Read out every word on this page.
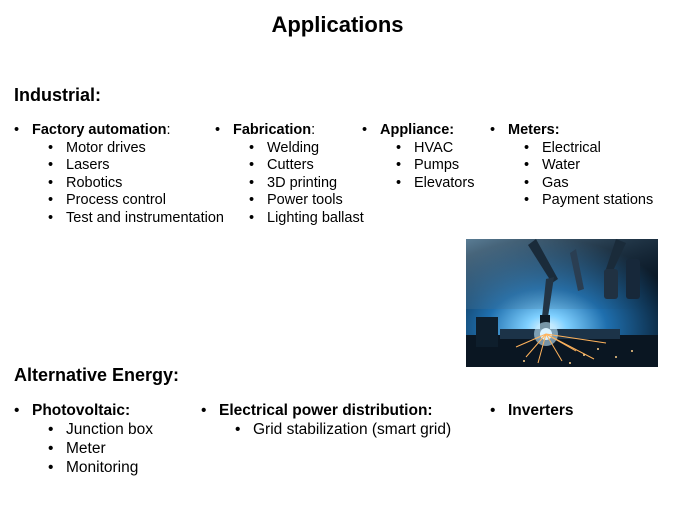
Applications
Industrial:
• Factory automation:
• Motor drives
• Lasers
• Robotics
• Process control
• Test and instrumentation
• Fabrication:
• Welding
• Cutters
• 3D printing
• Power tools
• Lighting ballast
• Appliance:
• HVAC
• Pumps
• Elevators
• Meters:
• Electrical
• Water
• Gas
• Payment stations
Alternative Energy:
• Photovoltaic:
• Junction box
• Meter
• Monitoring
• Electrical power distribution:
• Grid stabilization (smart grid)
• Inverters
